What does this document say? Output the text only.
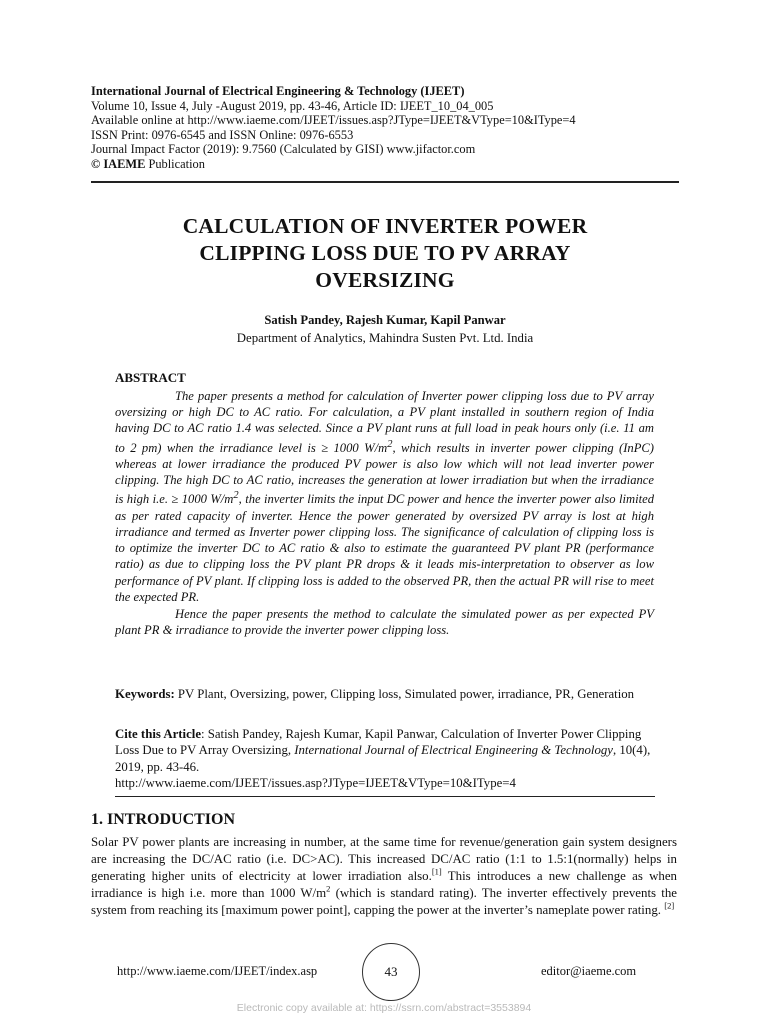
International Journal of Electrical Engineering & Technology (IJEET)
Volume 10, Issue 4, July -August 2019, pp. 43-46, Article ID: IJEET_10_04_005
Available online at http://www.iaeme.com/IJEET/issues.asp?JType=IJEET&VType=10&IType=4
ISSN Print: 0976-6545 and ISSN Online: 0976-6553
Journal Impact Factor (2019): 9.7560 (Calculated by GISI) www.jifactor.com
© IAEME Publication
CALCULATION OF INVERTER POWER
CLIPPING LOSS DUE TO PV ARRAY
OVERSIZING
Satish Pandey, Rajesh Kumar, Kapil Panwar
Department of Analytics, Mahindra Susten Pvt. Ltd. India
ABSTRACT

The paper presents a method for calculation of Inverter power clipping loss due to PV array oversizing or high DC to AC ratio. For calculation, a PV plant installed in southern region of India having DC to AC ratio 1.4 was selected. Since a PV plant runs at full load in peak hours only (i.e. 11 am to 2 pm) when the irradiance level is ≥ 1000 $W/m^2$, which results in inverter power clipping (InPC) whereas at lower irradiance the produced PV power is also low which will not lead inverter power clipping. The high DC to AC ratio, increases the generation at lower irradiation but when the irradiance is high i.e. ≥ 1000 $W/m^2$, the inverter limits the input DC power and hence the inverter power also limited as per rated capacity of inverter. Hence the power generated by oversized PV array is lost at high irradiance and termed as Inverter power clipping loss. The significance of calculation of clipping loss is to optimize the inverter DC to AC ratio & also to estimate the guaranteed PV plant PR (performance ratio) as due to clipping loss the PV plant PR drops & it leads mis-interpretation to observer as low performance of PV plant. If clipping loss is added to the observed PR, then the actual PR will rise to meet the expected PR.

Hence the paper presents the method to calculate the simulated power as per expected PV plant PR & irradiance to provide the inverter power clipping loss.

Keywords: PV Plant, Oversizing, power, Clipping loss, Simulated power, irradiance, PR, Generation
Cite this Article: Satish Pandey, Rajesh Kumar, Kapil Panwar, Calculation of Inverter Power Clipping Loss Due to PV Array Oversizing, International Journal of Electrical Engineering & Technology, 10(4), 2019, pp. 43-46.
http://www.iaeme.com/IJEET/issues.asp?JType=IJEET&VType=10&IType=4
1. INTRODUCTION
Solar PV power plants are increasing in number, at the same time for revenue/generation gain system designers are increasing the DC/AC ratio (i.e. DC>AC). This increased DC/AC ratio (1:1 to 1.5:1(normally) helps in generating higher units of electricity at lower irradiation also.[1] This introduces a new challenge as when irradiance is high i.e. more than 1000 $W/m^2$ (which is standard rating). The inverter effectively prevents the system from reaching its [maximum power point], capping the power at the inverter’s nameplate power rating. [2]
http://www.iaeme.com/IJEET/index.asp	43	editor@iaeme.com
Electronic copy available at: https://ssrn.com/abstract=3553894
